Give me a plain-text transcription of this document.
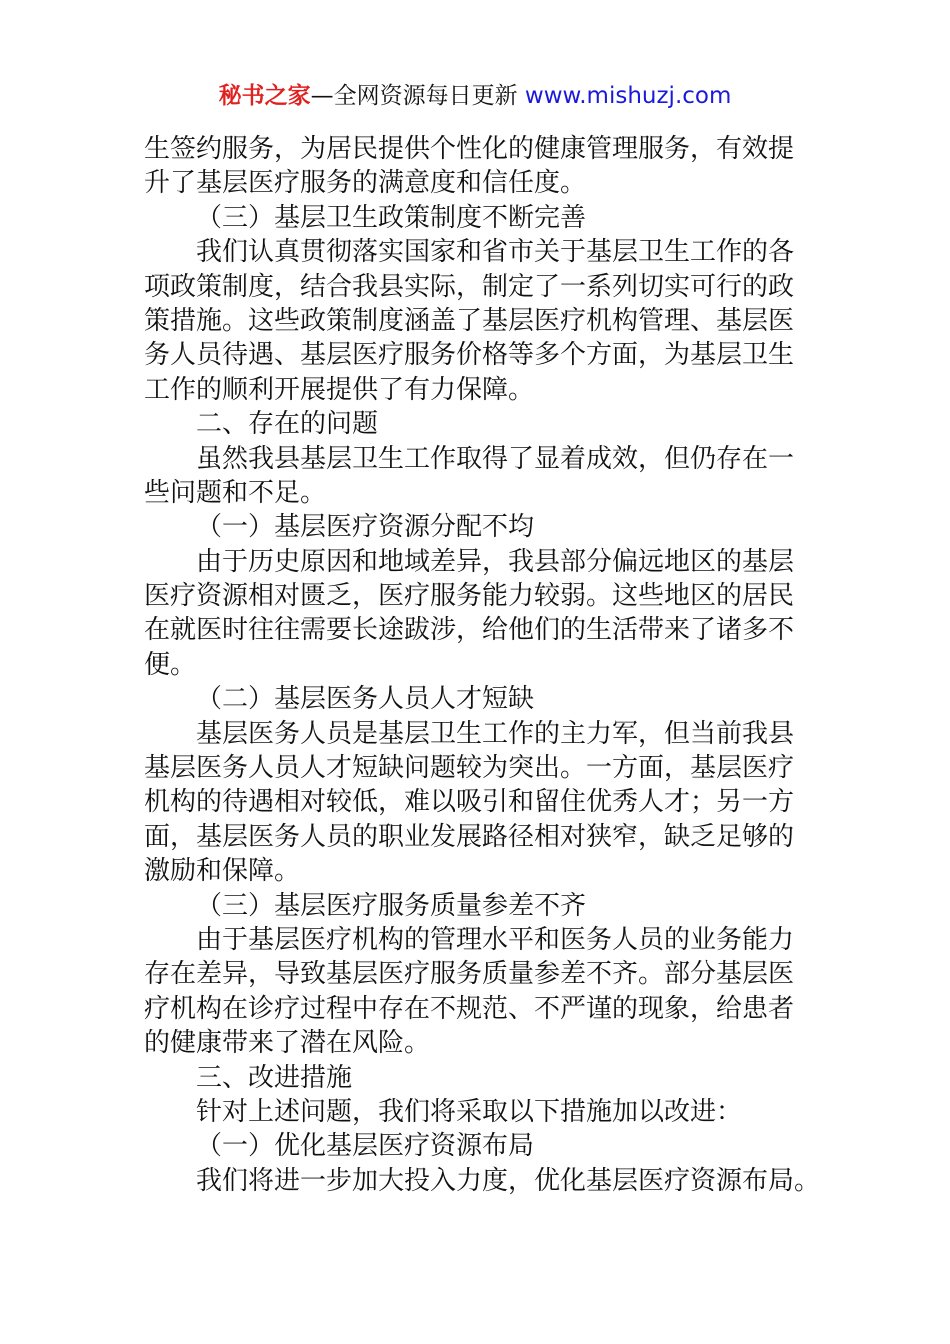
秘书之家—全网资源每日更新 www.mishuzj.com
生签约服务，为居民提供个性化的健康管理服务，有效提
升了基层医疗服务的满意度和信任度。
（三）基层卫生政策制度不断完善
我们认真贯彻落实国家和省市关于基层卫生工作的各
项政策制度，结合我县实际，制定了一系列切实可行的政
策措施。这些政策制度涵盖了基层医疗机构管理、基层医
务人员待遇、基层医疗服务价格等多个方面，为基层卫生
工作的顺利开展提供了有力保障。
二、存在的问题
虽然我县基层卫生工作取得了显着成效，但仍存在一
些问题和不足。
（一）基层医疗资源分配不均
由于历史原因和地域差异，我县部分偏远地区的基层
医疗资源相对匮乏，医疗服务能力较弱。这些地区的居民
在就医时往往需要长途跋涉，给他们的生活带来了诸多不
便。
（二）基层医务人员人才短缺
基层医务人员是基层卫生工作的主力军，但当前我县
基层医务人员人才短缺问题较为突出。一方面，基层医疗
机构的待遇相对较低，难以吸引和留住优秀人才；另一方
面，基层医务人员的职业发展路径相对狭窄，缺乏足够的
激励和保障。
（三）基层医疗服务质量参差不齐
由于基层医疗机构的管理水平和医务人员的业务能力
存在差异，导致基层医疗服务质量参差不齐。部分基层医
疗机构在诊疗过程中存在不规范、不严谨的现象，给患者
的健康带来了潜在风险。
三、改进措施
针对上述问题，我们将采取以下措施加以改进：
（一）优化基层医疗资源布局
我们将进一步加大投入力度，优化基层医疗资源布局。
